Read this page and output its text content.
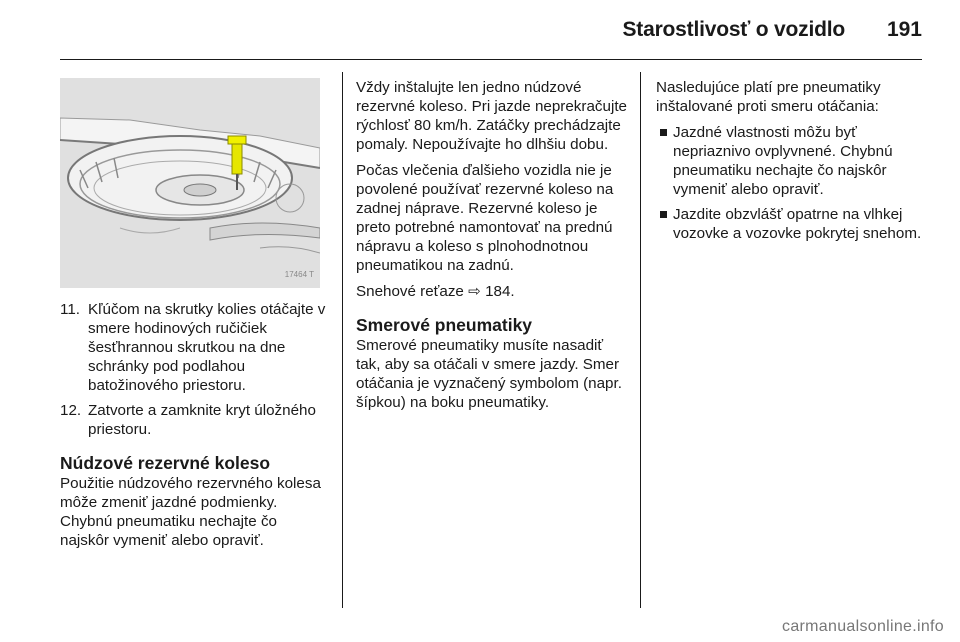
Starostlivosť o vozidlo 191
17464 T
11. Kľúčom na skrutky kolies otáčajte v smere hodinových ručičiek šesťhrannou skrutkou na dne schránky pod podlahou batožinového priestoru.
12. Zatvorte a zamknite kryt úložného priestoru.
Núdzové rezervné koleso

Použitie núdzového rezervného kolesa môže zmeniť jazdné podmienky. Chybnú pneumatiku nechajte čo najskôr vymeniť alebo opraviť.

Vždy inštalujte len jedno núdzové rezervné koleso. Pri jazde neprekračujte rýchlosť 80 km/h. Zatáčky prechádzajte pomaly. Nepoužívajte ho dlhšiu dobu.

Počas vlečenia ďalšieho vozidla nie je povolené používať rezervné koleso na zadnej náprave. Rezervné koleso je preto potrebné namontovať na prednú nápravu a koleso s plnohodnotnou pneumatikou na zadnú.

Snehové reťaze ⇨ 184.

Smerové pneumatiky

Smerové pneumatiky musíte nasadiť tak, aby sa otáčali v smere jazdy. Smer otáčania je vyznačený symbolom (napr. šípkou) na boku pneumatiky.

Nasledujúce platí pre pneumatiky inštalované proti smeru otáčania:

Jazdné vlastnosti môžu byť nepriaznivo ovplyvnené. Chybnú pneumatiku nechajte čo najskôr vymeniť alebo opraviť.
Jazdite obzvlášť opatrne na vlhkej vozovke a vozovke pokrytej snehom.
carmanualsonline.info
